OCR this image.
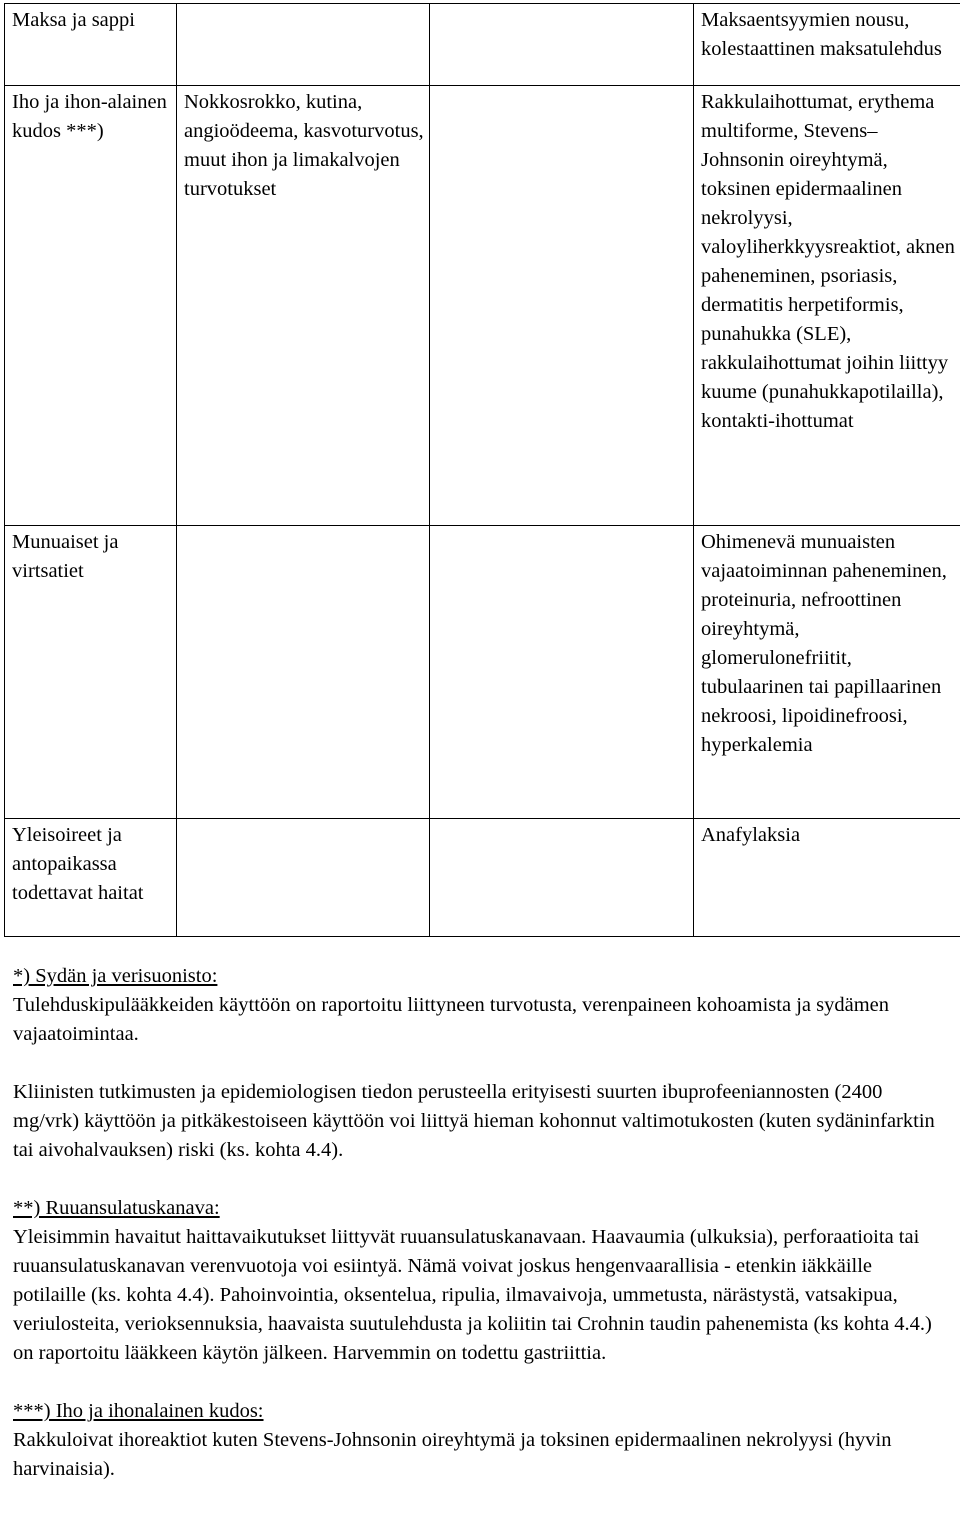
Maksa ja sappi			Maksaentsyymien nousu, kolestaattinen maksatulehdus
Iho ja ihon-alainen kudos ***)	Nokkosrokko, kutina, angioödeema, kasvoturvotus, muut ihon ja limakalvojen turvotukset		Rakkulaihottumat, erythema multiforme, Stevens–Johnsonin oireyhtymä, toksinen epidermaalinen nekrolyysi, valoyliherkkyysreaktiot, aknen paheneminen, psoriasis, dermatitis herpetiformis, punahukka (SLE), rakkulaihottumat joihin liittyy kuume (punahukkapotilailla), kontakti-ihottumat
Munuaiset ja virtsatiet			Ohimenevä munuaisten vajaatoiminnan paheneminen, proteinuria, nefroottinen oireyhtymä, glomerulonefriitit, tubulaarinen tai papillaarinen nekroosi, lipoidinefroosi, hyperkalemia
Yleisoireet ja antopaikassa todettavat haitat			Anafylaksia

*) Sydän ja verisuonisto:

Tulehduskipulääkkeiden käyttöön on raportoitu liittyneen turvotusta, verenpaineen kohoamista ja sydämen vajaatoimintaa.

Kliinisten tutkimusten ja epidemiologisen tiedon perusteella erityisesti suurten ibuprofeeniannosten (2400 mg/vrk) käyttöön ja pitkäkestoiseen käyttöön voi liittyä hieman kohonnut valtimotukosten (kuten sydäninfarktin tai aivohalvauksen) riski (ks. kohta 4.4).

**) Ruuansulatuskanava:

Yleisimmin havaitut haittavaikutukset liittyvät ruuansulatuskanavaan. Haavaumia (ulkuksia), perforaatioita tai ruuansulatuskanavan verenvuotoja voi esiintyä. Nämä voivat joskus hengenvaarallisia - etenkin iäkkäille potilaille (ks. kohta 4.4). Pahoinvointia, oksentelua, ripulia, ilmavaivoja, ummetusta, närästystä, vatsakipua, veriulosteita, verioksennuksia, haavaista suutulehdusta ja koliitin tai Crohnin taudin pahenemista (ks kohta 4.4.) on raportoitu lääkkeen käytön jälkeen. Harvemmin on todettu gastriittia.

***) Iho ja ihonalainen kudos:

Rakkuloivat ihoreaktiot kuten Stevens-Johnsonin oireyhtymä ja toksinen epidermaalinen nekrolyysi (hyvin harvinaisia).
